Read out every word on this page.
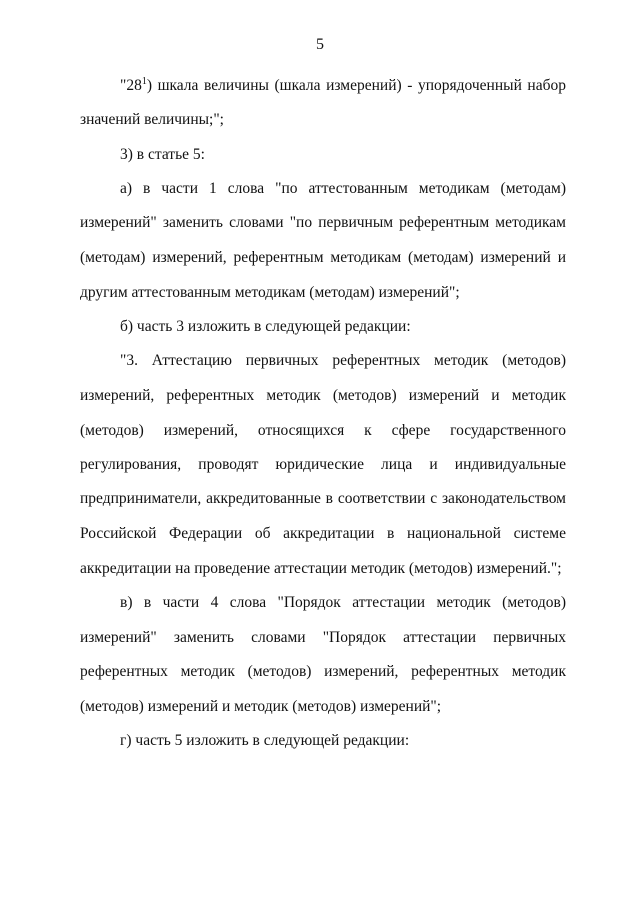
5
"$28^1$) шкала величины (шкала измерений) - упорядоченный набор
значений величины;";
3) в статье 5:
а) в части 1 слова "по аттестованным методикам (методам)
измерений" заменить словами "по первичным референтным методикам
(методам) измерений, референтным методикам (методам) измерений и
другим аттестованным методикам (методам) измерений";
б) часть 3 изложить в следующей редакции:
"3. Аттестацию первичных референтных методик (методов)
измерений, референтных методик (методов) измерений и методик
(методов) измерений, относящихся к сфере государственного
регулирования, проводят юридические лица и индивидуальные
предприниматели, аккредитованные в соответствии с законодательством
Российской Федерации об аккредитации в национальной системе
аккредитации на проведение аттестации методик (методов) измерений.";
в) в части 4 слова "Порядок аттестации методик (методов)
измерений" заменить словами "Порядок аттестации первичных
референтных методик (методов) измерений, референтных методик
(методов) измерений и методик (методов) измерений";
г) часть 5 изложить в следующей редакции:
